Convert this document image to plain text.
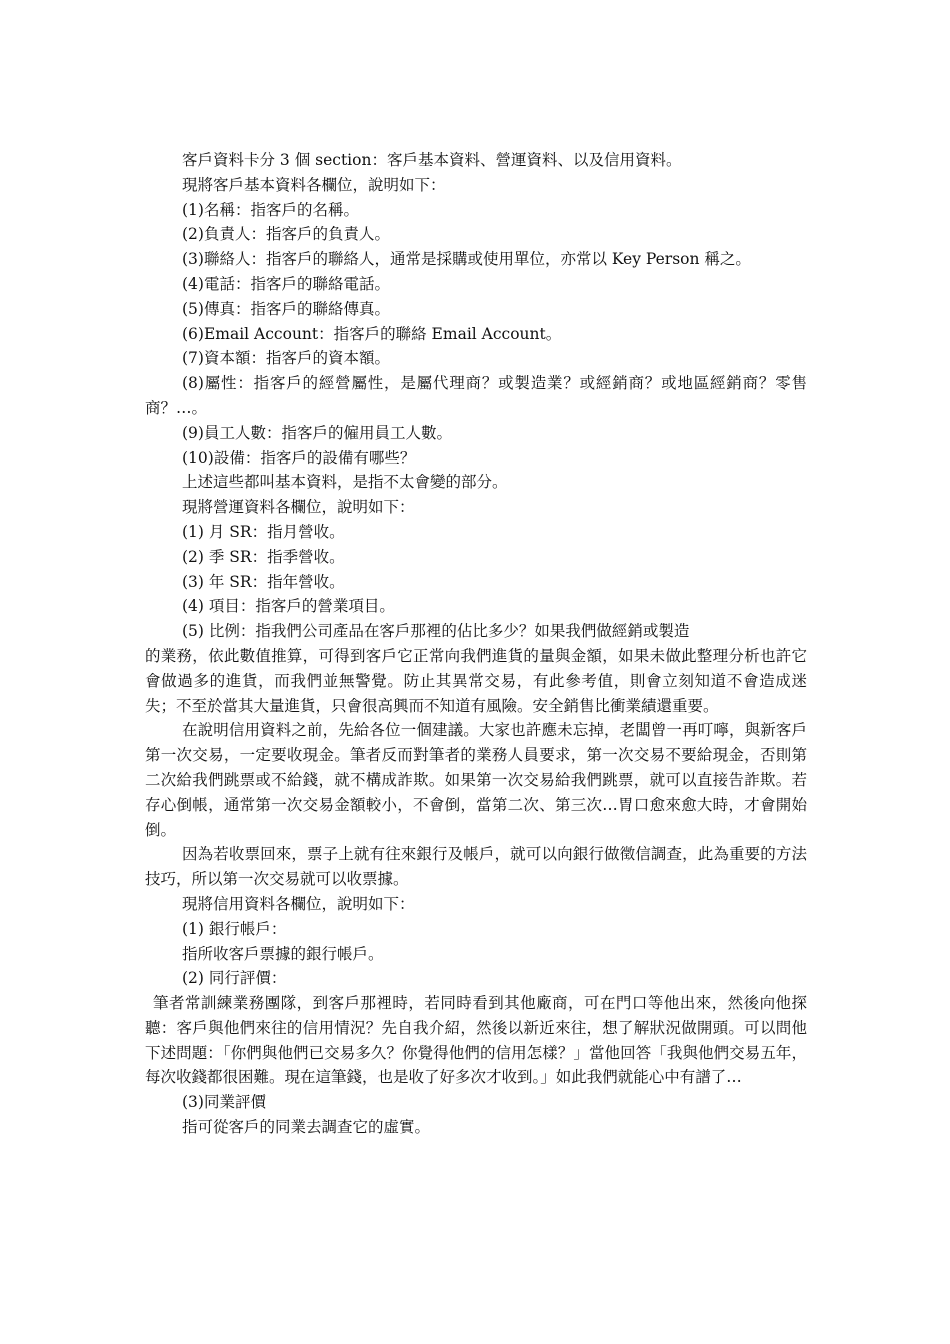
客戶資料卡分 3 個 section：客戶基本資料、營運資料、以及信用資料。

現將客戶基本資料各欄位，說明如下：

(1)名稱：指客戶的名稱。

(2)負責人：指客戶的負責人。

(3)聯絡人：指客戶的聯絡人，通常是採購或使用單位，亦常以 Key Person 稱之。

(4)電話：指客戶的聯絡電話。

(5)傳真：指客戶的聯絡傳真。

(6)Email Account：指客戶的聯絡 Email Account。

(7)資本額：指客戶的資本額。

(8)屬性：指客戶的經營屬性，是屬代理商？或製造業？或經銷商？或地區經銷商？零售商？…。

(9)員工人數：指客戶的僱用員工人數。

(10)設備：指客戶的設備有哪些？

上述這些都叫基本資料，是指不太會變的部分。

現將營運資料各欄位，說明如下：

(1) 月 SR：指月營收。

(2) 季 SR：指季營收。

(3) 年 SR：指年營收。

(4) 項目：指客戶的營業項目。

(5) 比例：指我們公司產品在客戶那裡的佔比多少？如果我們做經銷或製造

的業務，依此數值推算，可得到客戶它正常向我們進貨的量與金額，如果未做此整理分析也許它會做過多的進貨，而我們並無警覺。防止其異常交易，有此參考值，則會立刻知道不會造成迷失；不至於當其大量進貨，只會很高興而不知道有風險。安全銷售比衝業績還重要。

在說明信用資料之前，先給各位一個建議。大家也許應未忘掉，老闆曾一再叮嚀，與新客戶第一次交易，一定要收現金。筆者反而對筆者的業務人員要求，第一次交易不要給現金，否則第二次給我們跳票或不給錢，就不構成詐欺。如果第一次交易給我們跳票，就可以直接告詐欺。若存心倒帳，通常第一次交易金額較小，不會倒，當第二次、第三次…胃口愈來愈大時，才會開始倒。

因為若收票回來，票子上就有往來銀行及帳戶，就可以向銀行做徵信調查，此為重要的方法技巧，所以第一次交易就可以收票據。

現將信用資料各欄位，說明如下：

(1) 銀行帳戶：

指所收客戶票據的銀行帳戶。

(2) 同行評價：

筆者常訓練業務團隊，到客戶那裡時，若同時看到其他廠商，可在門口等他出來，然後向他探聽：客戶與他們來往的信用情況？先自我介紹，然後以新近來往，想了解狀況做開頭。可以問他下述問題：「你們與他們已交易多久？你覺得他們的信用怎樣？」當他回答「我與他們交易五年，每次收錢都很困難。現在這筆錢，也是收了好多次才收到。」如此我們就能心中有譜了…

(3)同業評價

指可從客戶的同業去調查它的虛實。
